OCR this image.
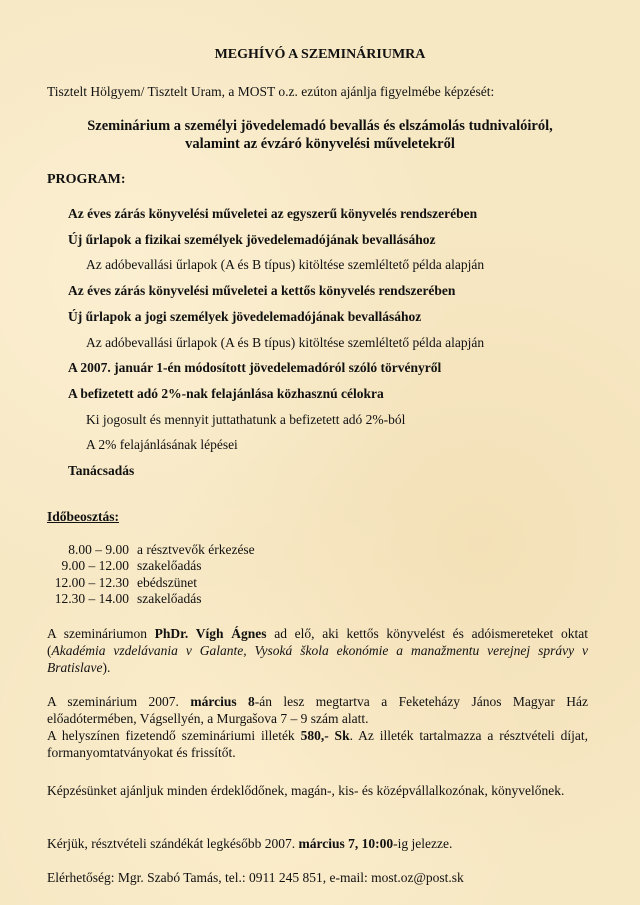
MEGHÍVÓ A SZEMINÁRIUMRA
Tisztelt Hölgyem/ Tisztelt Uram, a MOST o.z. ezúton ajánlja figyelmébe képzését:
Szeminárium a személyi jövedelemadó bevallás és elszámolás tudnivalóiról,
valamint az évzáró könyvelési műveletekről
PROGRAM:
Az éves zárás könyvelési műveletei az egyszerű könyvelés rendszerében
Új űrlapok a fizikai személyek jövedelemadójának bevallásához
Az adóbevallási űrlapok (A és B típus) kitöltése szemléltető példa alapján
Az éves zárás könyvelési műveletei a kettős könyvelés rendszerében
Új űrlapok a jogi személyek jövedelemadójának bevallásához
Az adóbevallási űrlapok (A és B típus) kitöltése szemléltető példa alapján
A 2007. január 1-én módosított jövedelemadóról szóló törvényről
A befizetett adó 2%-nak felajánlása közhasznú célokra
Ki jogosult és mennyit juttathatunk a befizetett adó 2%-ból
A 2% felajánlásának lépései
Tanácsadás
Időbeosztás:
8.00 – 9.00 a résztvevők érkezése
9.00 – 12.00 szakelőadás
12.00 – 12.30 ebédszünet
12.30 – 14.00 szakelőadás
A szemináriumon PhDr. Vígh Ágnes ad elő, aki kettős könyvelést és adóismereteket oktat (Akadémia vzdelávania v Galante, Vysoká škola ekonómie a manažmentu verejnej správy v Bratislave).
A szeminárium 2007. március 8-án lesz megtartva a Feketeházy János Magyar Ház előadótermében, Vágsellyén, a Murgašova 7 – 9 szám alatt.
A helyszínen fizetendő szemináriumi illeték 580,- Sk. Az illeték tartalmazza a résztvételi díjat, formanyomtatványokat és frissítőt.
Képzésünket ajánljuk minden érdeklődőnek, magán-, kis- és középvállalkozónak, könyvelőnek.
Kérjük, résztvételi szándékát legkésőbb 2007. március 7, 10:00-ig jelezze.
Elérhetőség: Mgr. Szabó Tamás, tel.: 0911 245 851, e-mail: most.oz@post.sk
